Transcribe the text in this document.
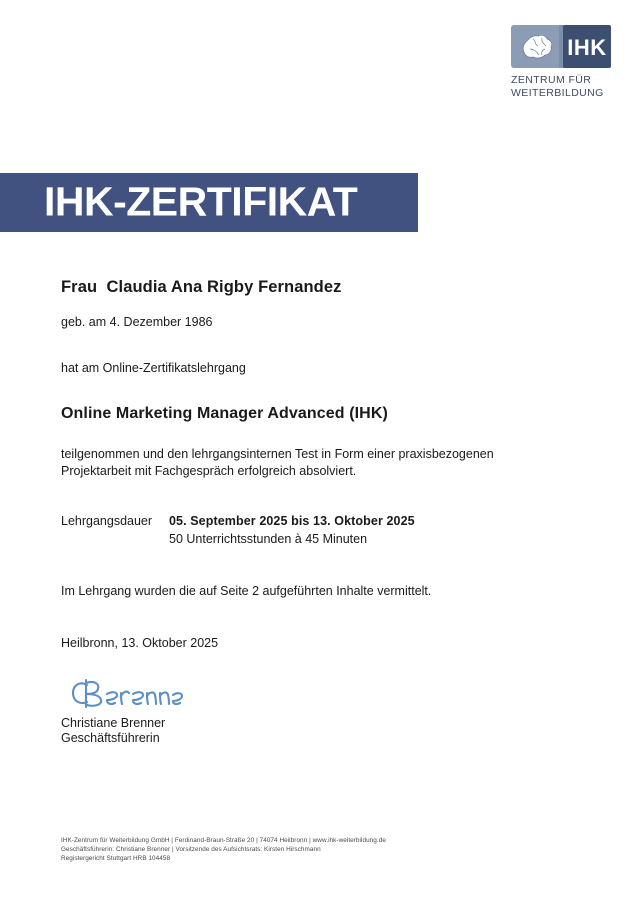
IHK
ZENTRUM FÜR
WEITERBILDUNG
IHK-ZERTIFIKAT

Frau  Claudia Ana Rigby Fernandez

geb. am 4. Dezember 1986

hat am Online-Zertifikatslehrgang

Online Marketing Manager Advanced (IHK)

teilgenommen und den lehrgangsinternen Test in Form einer praxisbezogenen
Projektarbeit mit Fachgespräch erfolgreich absolviert.

Lehrgangsdauer	05. September 2025 bis 13. Oktober 2025
50 Unterrichtsstunden à 45 Minuten

Im Lehrgang wurden die auf Seite 2 aufgeführten Inhalte vermittelt.

Heilbronn, 13. Oktober 2025

Christiane Brenner
Geschäftsführerin
IHK-Zentrum für Weiterbildung GmbH | Ferdinand-Braun-Straße 20 | 74074 Heilbronn | www.ihk-weiterbildung.de
Geschäftsführerin: Christiane Brenner | Vorsitzende des Aufsichtsrats: Kirsten Hirschmann
Registergericht Stuttgart HRB 104458
